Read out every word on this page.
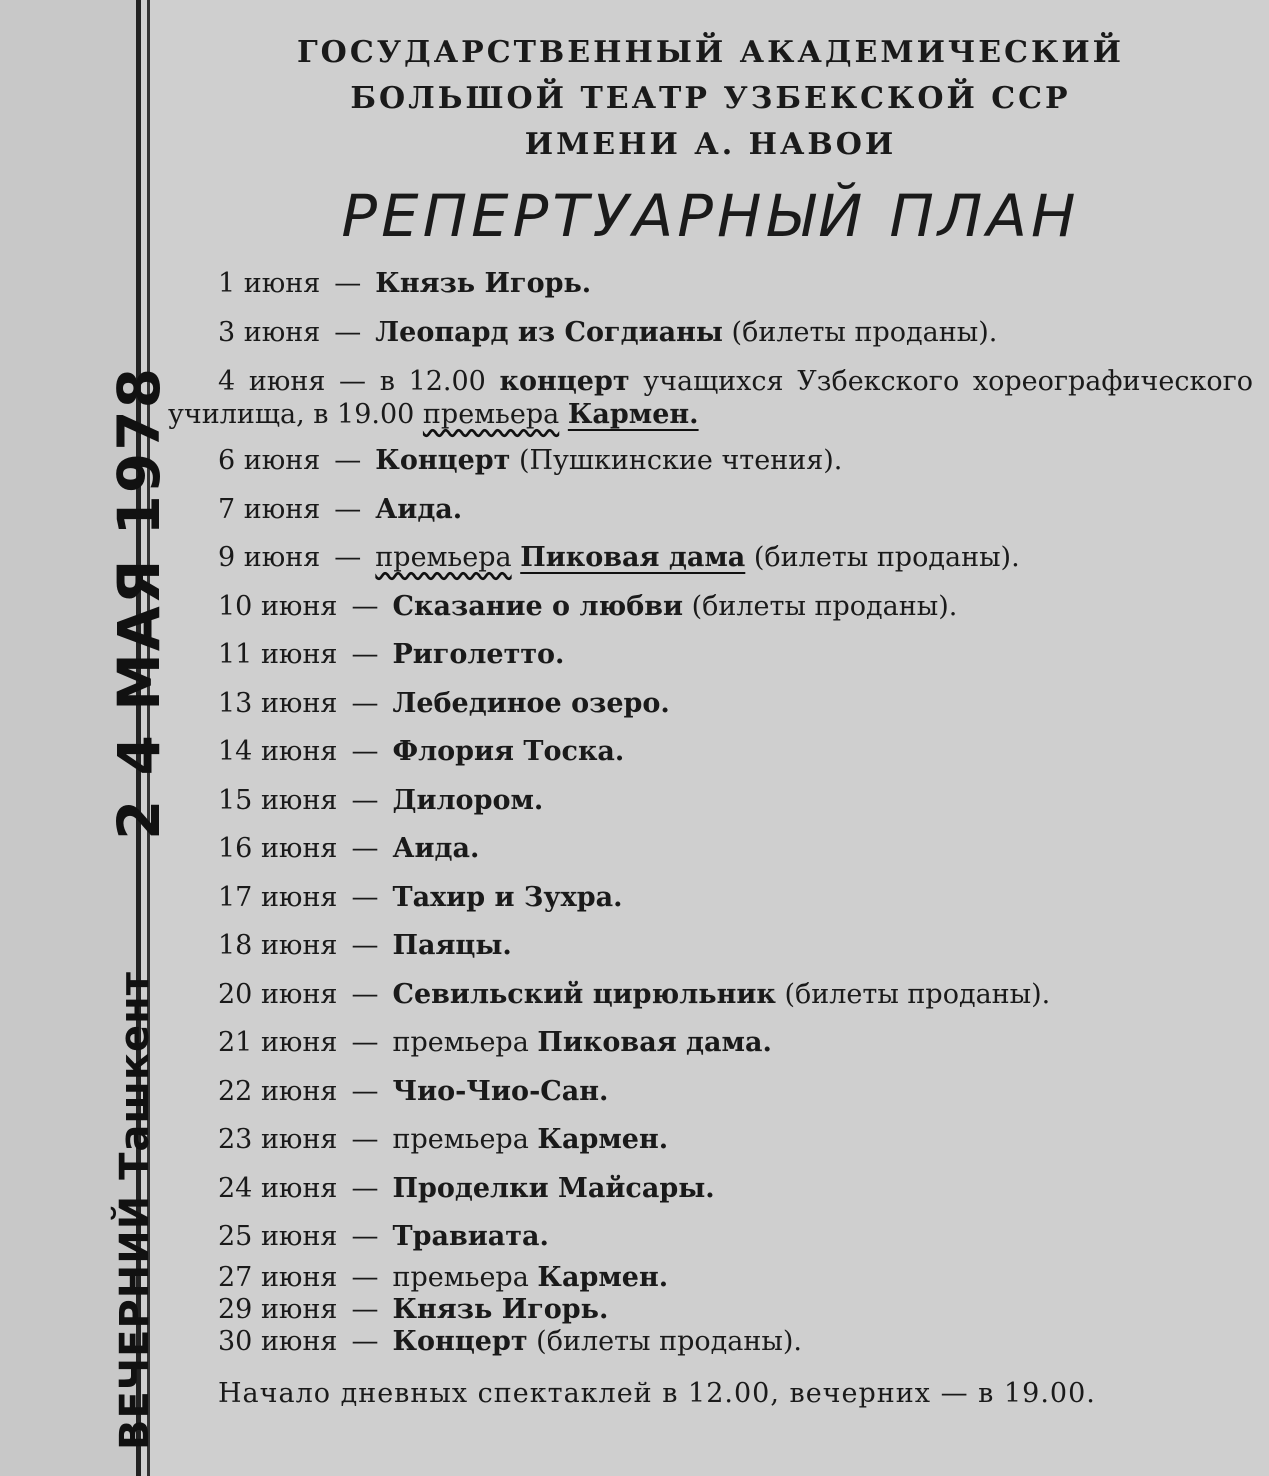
2 4 МАЯ 1978
ВЕЧЕРНИЙ Ташкент
ГОСУДАРСТВЕННЫЙ АКАДЕМИЧЕСКИЙ
БОЛЬШОЙ ТЕАТР УЗБЕКСКОЙ ССР
ИМЕНИ А. НАВОИ
РЕПЕРТУАРНЫЙ ПЛАН
1 июня — Князь Игорь.
3 июня — Леопард из Согдианы (билеты проданы).
4 июня — в 12.00 концерт учащихся Узбекского хореографического училища, в 19.00 премьера Кармен.
6 июня — Концерт (Пушкинские чтения).
7 июня — Аида.
9 июня — премьера Пиковая дама (билеты проданы).
10 июня — Сказание о любви (билеты проданы).
11 июня — Риголетто.
13 июня — Лебединое озеро.
14 июня — Флория Тоска.
15 июня — Дилором.
16 июня — Аида.
17 июня — Тахир и Зухра.
18 июня — Паяцы.
20 июня — Севильский цирюльник (билеты проданы).
21 июня — премьера Пиковая дама.
22 июня — Чио-Чио-Сан.
23 июня — премьера Кармен.
24 июня — Проделки Майсары.
25 июня — Травиата.
27 июня — премьера Кармен.
29 июня — Князь Игорь.
30 июня — Концерт (билеты проданы).
Начало дневных спектаклей в 12.00, вечерних — в 19.00.
